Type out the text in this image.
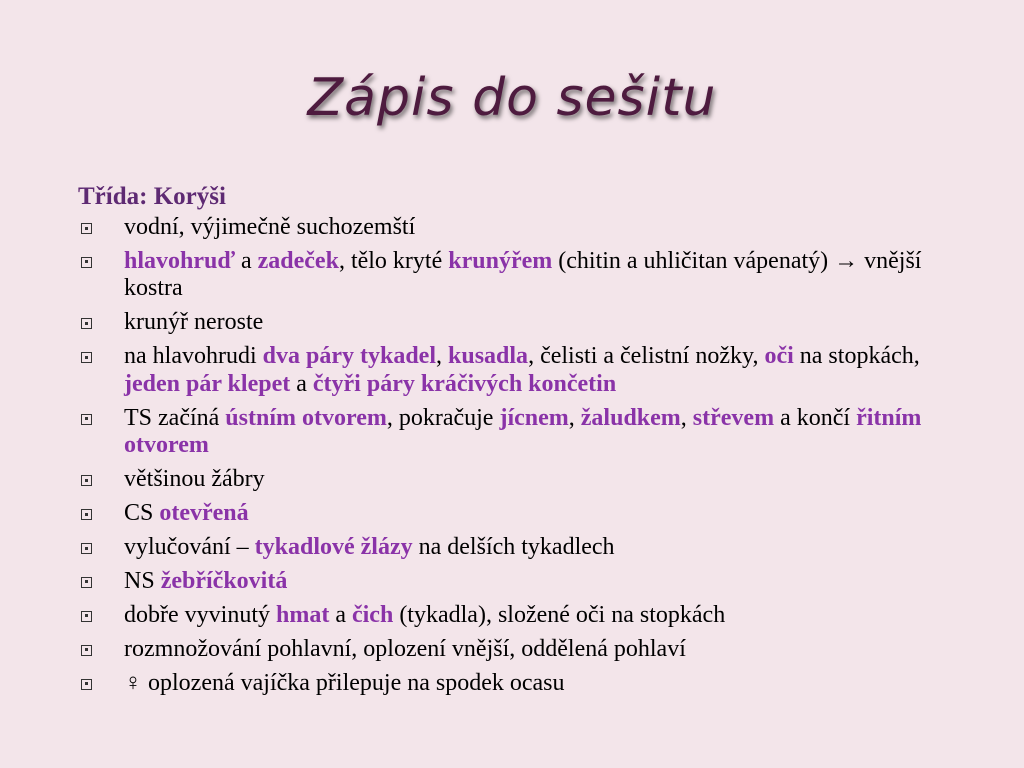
Zápis do sešitu
Třída: Korýši
vodní, výjimečně suchozemští
hlavohruď a zadeček, tělo kryté krunýřem (chitin a uhličitan vápenatý) → vnější kostra
krunýř neroste
na hlavohrudi dva páry tykadel, kusadla, čelisti a čelistní nožky, oči na stopkách, jeden pár klepet a čtyři páry kráčivých končetin
TS začíná ústním otvorem, pokračuje jícnem, žaludkem, střevem a končí řitním otvorem
většinou žábry
CS otevřená
vylučování – tykadlové žlázy na delších tykadlech
NS žebříčkovitá
dobře vyvinutý hmat a čich (tykadla), složené oči na stopkách
rozmnožování pohlavní, oplození vnější, oddělená pohlaví
♀ oplozená vajíčka přilepuje na spodek ocasu
